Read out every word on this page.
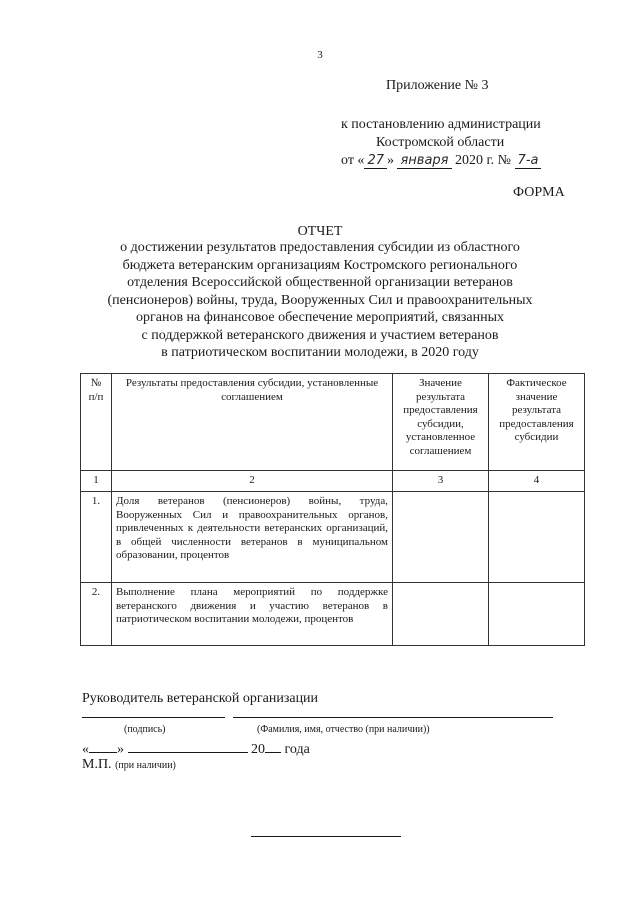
3
Приложение № 3
к постановлению администрации
Костромской области
от « 27 » января 2020 г. № 7-а
ФОРМА
ОТЧЕТ
о достижении результатов предоставления субсидии из областного
бюджета ветеранским организациям Костромского регионального
отделения Всероссийской общественной организации ветеранов
(пенсионеров) войны, труда, Вооруженных Сил и правоохранительных
органов на финансовое обеспечение мероприятий, связанных
с поддержкой ветеранского движения и участием ветеранов
в патриотическом воспитании молодежи, в 2020 году
№ п/п	Результаты предоставления субсидии, установленные соглашением	Значение результата предоставления субсидии, установленное соглашением	Фактическое значение результата предоставления субсидии
1	2	3	4
1.	Доля ветеранов (пенсионеров) войны, труда, Вооруженных Сил и правоохранительных органов, привлеченных к деятельности ветеранских организаций, в общей численности ветеранов в муниципальном образовании, процентов		
2.	Выполнение плана мероприятий по поддержке ветеранского движения и участию ветеранов в патриотическом воспитании молодежи, процентов		
Руководитель ветеранской организации
(подпись)	(Фамилия, имя, отчество (при наличии))
« »	20 года
М.П. (при наличии)
